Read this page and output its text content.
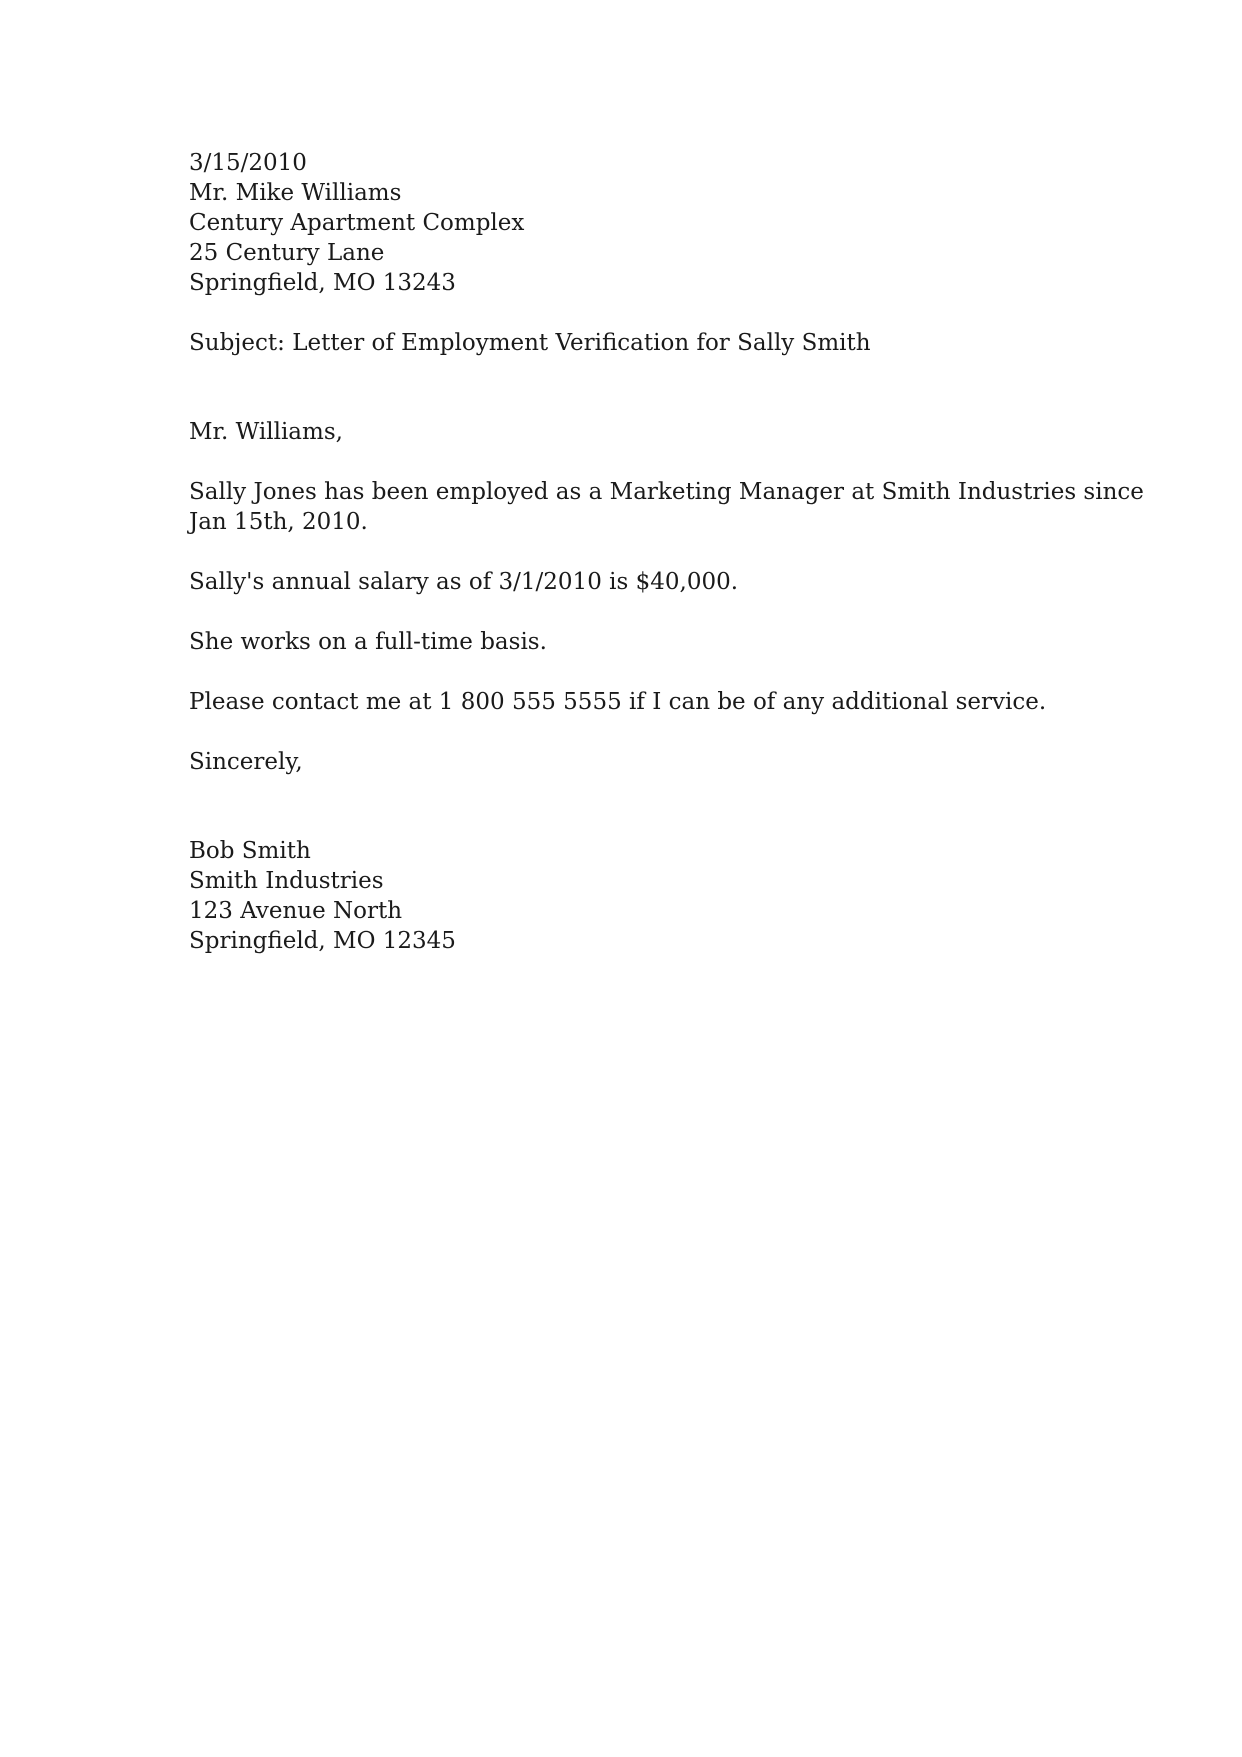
3/15/2010
Mr. Mike Williams
Century Apartment Complex
25 Century Lane
Springfield, MO 13243
Subject: Letter of Employment Verification for Sally Smith
Mr. Williams,
Sally Jones has been employed as a Marketing Manager at Smith Industries since
Jan 15th, 2010.
Sally's annual salary as of 3/1/2010 is $40,000.
She works on a full-time basis.
Please contact me at 1 800 555 5555 if I can be of any additional service.
Sincerely,
Bob Smith
Smith Industries
123 Avenue North
Springfield, MO 12345
